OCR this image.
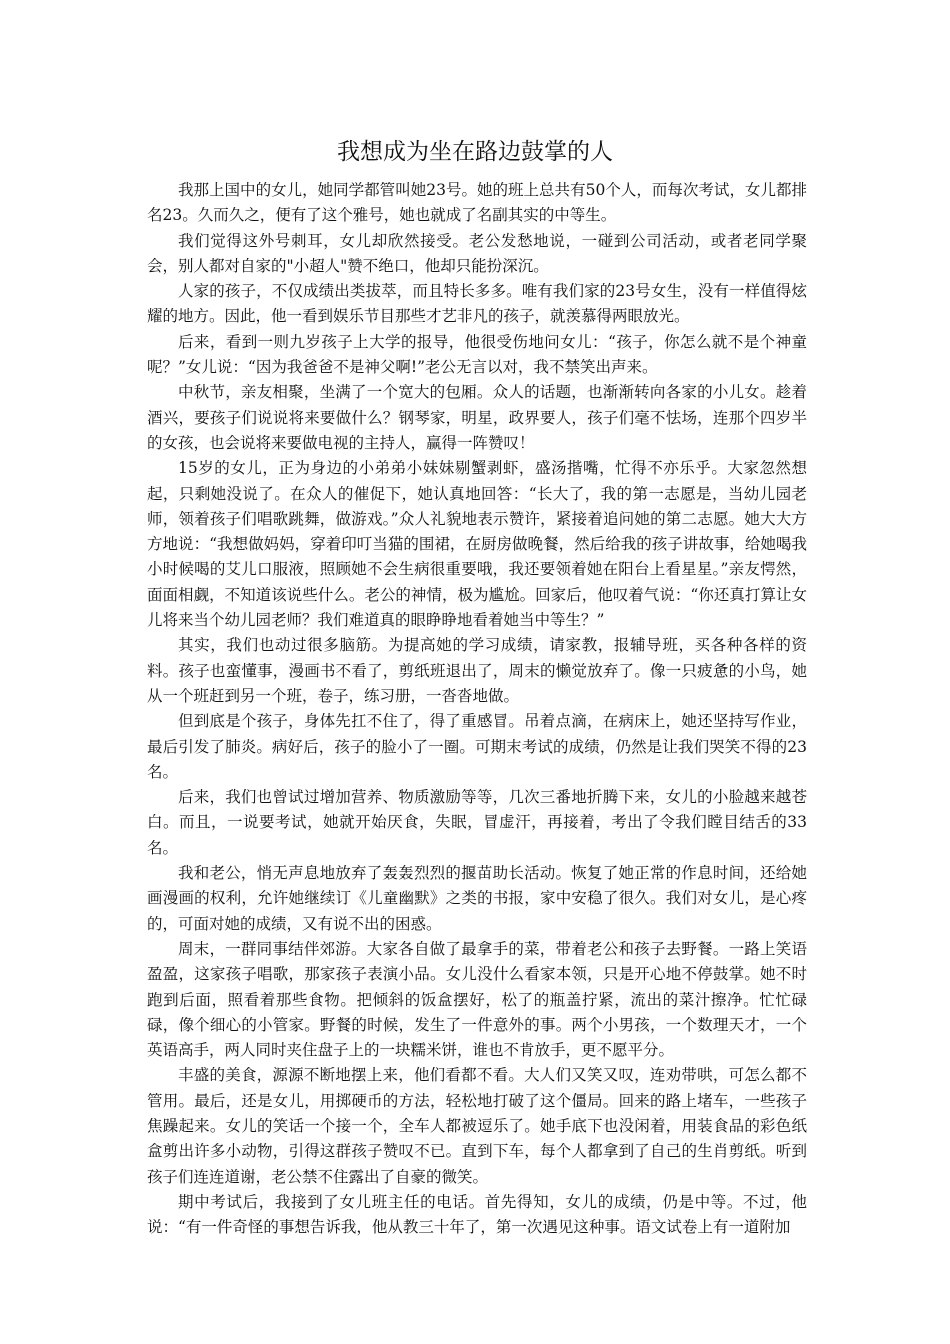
我想成为坐在路边鼓掌的人

我那上国中的女儿，她同学都管叫她23号。她的班上总共有50个人，而每次考试，女儿都排名23。久而久之，便有了这个雅号，她也就成了名副其实的中等生。

我们觉得这外号刺耳，女儿却欣然接受。老公发愁地说，一碰到公司活动，或者老同学聚会，别人都对自家的"小超人"赞不绝口，他却只能扮深沉。

人家的孩子，不仅成绩出类拔萃，而且特长多多。唯有我们家的23号女生，没有一样值得炫耀的地方。因此，他一看到娱乐节目那些才艺非凡的孩子，就羡慕得两眼放光。

后来，看到一则九岁孩子上大学的报导，他很受伤地问女儿：“孩子，你怎么就不是个神童呢？”女儿说：“因为我爸爸不是神父啊!”老公无言以对，我不禁笑出声来。

中秋节，亲友相聚，坐满了一个宽大的包厢。众人的话题，也渐渐转向各家的小儿女。趁着酒兴，要孩子们说说将来要做什么？钢琴家，明星，政界要人，孩子们毫不怯场，连那个四岁半的女孩，也会说将来要做电视的主持人，赢得一阵赞叹！

15岁的女儿，正为身边的小弟弟小妹妹剔蟹剥虾，盛汤揩嘴，忙得不亦乐乎。大家忽然想起，只剩她没说了。在众人的催促下，她认真地回答：“长大了，我的第一志愿是，当幼儿园老师，领着孩子们唱歌跳舞，做游戏。”众人礼貌地表示赞许，紧接着追问她的第二志愿。她大大方方地说：“我想做妈妈，穿着印叮当猫的围裙，在厨房做晚餐，然后给我的孩子讲故事，给她喝我小时候喝的艾儿口服液，照顾她不会生病很重要哦，我还要领着她在阳台上看星星。”亲友愕然，面面相觑，不知道该说些什么。老公的神情，极为尴尬。回家后，他叹着气说：“你还真打算让女儿将来当个幼儿园老师？我们难道真的眼睁睁地看着她当中等生？”

其实，我们也动过很多脑筋。为提高她的学习成绩，请家教，报辅导班，买各种各样的资料。孩子也蛮懂事，漫画书不看了，剪纸班退出了，周末的懒觉放弃了。像一只疲惫的小鸟，她从一个班赶到另一个班，卷子，练习册，一沓沓地做。

但到底是个孩子，身体先扛不住了，得了重感冒。吊着点滴，在病床上，她还坚持写作业，最后引发了肺炎。病好后，孩子的脸小了一圈。可期末考试的成绩，仍然是让我们哭笑不得的23名。

后来，我们也曾试过增加营养、物质激励等等，几次三番地折腾下来，女儿的小脸越来越苍白。而且，一说要考试，她就开始厌食，失眠，冒虚汗，再接着，考出了令我们瞠目结舌的33名。

我和老公，悄无声息地放弃了轰轰烈烈的揠苗助长活动。恢复了她正常的作息时间，还给她画漫画的权利，允许她继续订《儿童幽默》之类的书报，家中安稳了很久。我们对女儿，是心疼的，可面对她的成绩，又有说不出的困惑。

周末，一群同事结伴郊游。大家各自做了最拿手的菜，带着老公和孩子去野餐。一路上笑语盈盈，这家孩子唱歌，那家孩子表演小品。女儿没什么看家本领，只是开心地不停鼓掌。她不时跑到后面，照看着那些食物。把倾斜的饭盒摆好，松了的瓶盖拧紧，流出的菜汁擦净。忙忙碌碌，像个细心的小管家。野餐的时候，发生了一件意外的事。两个小男孩，一个数理天才，一个英语高手，两人同时夹住盘子上的一块糯米饼，谁也不肯放手，更不愿平分。

丰盛的美食，源源不断地摆上来，他们看都不看。大人们又笑又叹，连劝带哄，可怎么都不管用。最后，还是女儿，用掷硬币的方法，轻松地打破了这个僵局。回来的路上堵车，一些孩子焦躁起来。女儿的笑话一个接一个，全车人都被逗乐了。她手底下也没闲着，用装食品的彩色纸盒剪出许多小动物，引得这群孩子赞叹不已。直到下车，每个人都拿到了自己的生肖剪纸。听到孩子们连连道谢，老公禁不住露出了自豪的微笑。

期中考试后，我接到了女儿班主任的电话。首先得知，女儿的成绩，仍是中等。不过，他说：“有一件奇怪的事想告诉我，他从教三十年了，第一次遇见这种事。语文试卷上有一道附加
